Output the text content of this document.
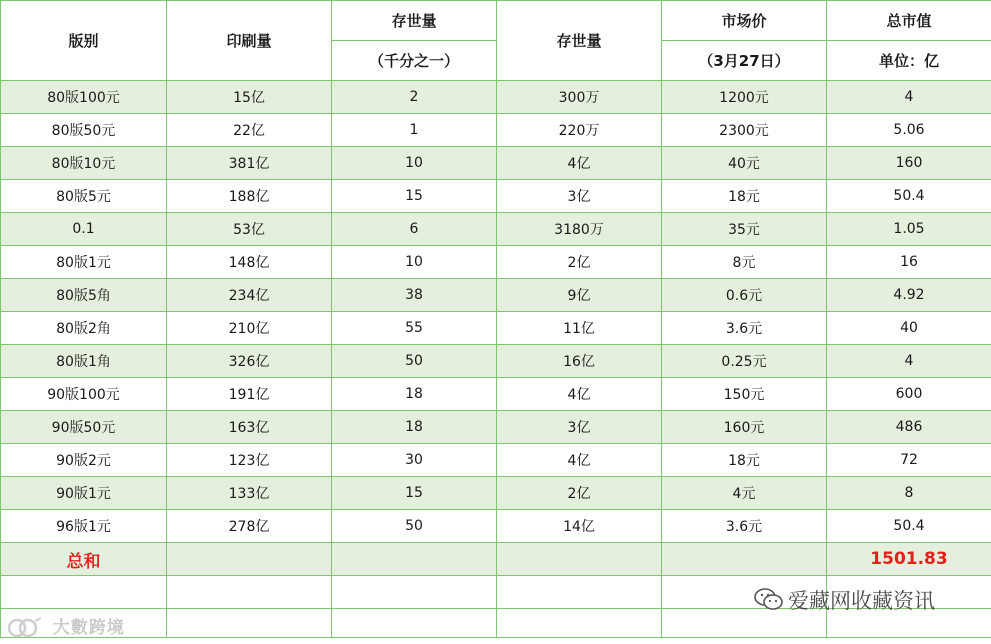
版别	印刷量	存世量	存世量	市场价	总市值
		（千分之一）		（3月27日）	单位：亿
80版100元	15亿	2	300万	1200元	4
80版50元	22亿	1	220万	2300元	5.06
80版10元	381亿	10	4亿	40元	160
80版5元	188亿	15	3亿	18元	50.4
0.1	53亿	6	3180万	35元	1.05
80版1元	148亿	10	2亿	8元	16
80版5角	234亿	38	9亿	0.6元	4.92
80版2角	210亿	55	11亿	3.6元	40
80版1角	326亿	50	16亿	0.25元	4
90版100元	191亿	18	4亿	150元	600
90版50元	163亿	18	3亿	160元	486
90版2元	123亿	30	4亿	18元	72
90版1元	133亿	15	2亿	4元	8
96版1元	278亿	50	14亿	3.6元	50.4
总和					1501.83

大數跨境
爱藏网收藏资讯
